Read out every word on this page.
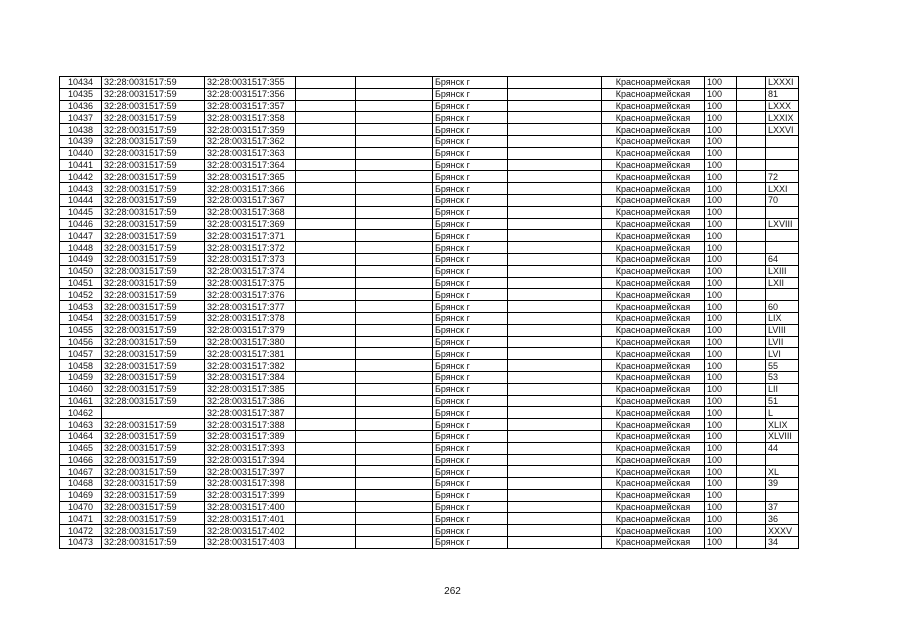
10434	32:28:0031517:59	32:28:0031517:355			Брянск г		Красноармейская	100		LXXXI
10435	32:28:0031517:59	32:28:0031517:356			Брянск г		Красноармейская	100		81
10436	32:28:0031517:59	32:28:0031517:357			Брянск г		Красноармейская	100		LXXX
10437	32:28:0031517:59	32:28:0031517:358			Брянск г		Красноармейская	100		LXXIX
10438	32:28:0031517:59	32:28:0031517:359			Брянск г		Красноармейская	100		LXXVI
10439	32:28:0031517:59	32:28:0031517:362			Брянск г		Красноармейская	100		
10440	32:28:0031517:59	32:28:0031517:363			Брянск г		Красноармейская	100		
10441	32:28:0031517:59	32:28:0031517:364			Брянск г		Красноармейская	100		
10442	32:28:0031517:59	32:28:0031517:365			Брянск г		Красноармейская	100		72
10443	32:28:0031517:59	32:28:0031517:366			Брянск г		Красноармейская	100		LXXI
10444	32:28:0031517:59	32:28:0031517:367			Брянск г		Красноармейская	100		70
10445	32:28:0031517:59	32:28:0031517:368			Брянск г		Красноармейская	100		
10446	32:28:0031517:59	32:28:0031517:369			Брянск г		Красноармейская	100		LXVIII
10447	32:28:0031517:59	32:28:0031517:371			Брянск г		Красноармейская	100		
10448	32:28:0031517:59	32:28:0031517:372			Брянск г		Красноармейская	100		
10449	32:28:0031517:59	32:28:0031517:373			Брянск г		Красноармейская	100		64
10450	32:28:0031517:59	32:28:0031517:374			Брянск г		Красноармейская	100		LXIII
10451	32:28:0031517:59	32:28:0031517:375			Брянск г		Красноармейская	100		LXII
10452	32:28:0031517:59	32:28:0031517:376			Брянск г		Красноармейская	100		
10453	32:28:0031517:59	32:28:0031517:377			Брянск г		Красноармейская	100		60
10454	32:28:0031517:59	32:28:0031517:378			Брянск г		Красноармейская	100		LIX
10455	32:28:0031517:59	32:28:0031517:379			Брянск г		Красноармейская	100		LVIII
10456	32:28:0031517:59	32:28:0031517:380			Брянск г		Красноармейская	100		LVII
10457	32:28:0031517:59	32:28:0031517:381			Брянск г		Красноармейская	100		LVI
10458	32:28:0031517:59	32:28:0031517:382			Брянск г		Красноармейская	100		55
10459	32:28:0031517:59	32:28:0031517:384			Брянск г		Красноармейская	100		53
10460	32:28:0031517:59	32:28:0031517:385			Брянск г		Красноармейская	100		LII
10461	32:28:0031517:59	32:28:0031517:386			Брянск г		Красноармейская	100		51
10462		32:28:0031517:387			Брянск г		Красноармейская	100		L
10463	32:28:0031517:59	32:28:0031517:388			Брянск г		Красноармейская	100		XLIX
10464	32:28:0031517:59	32:28:0031517:389			Брянск г		Красноармейская	100		XLVIII
10465	32:28:0031517:59	32:28:0031517:393			Брянск г		Красноармейская	100		44
10466	32:28:0031517:59	32:28:0031517:394			Брянск г		Красноармейская	100		
10467	32:28:0031517:59	32:28:0031517:397			Брянск г		Красноармейская	100		XL
10468	32:28:0031517:59	32:28:0031517:398			Брянск г		Красноармейская	100		39
10469	32:28:0031517:59	32:28:0031517:399			Брянск г		Красноармейская	100		
10470	32:28:0031517:59	32:28:0031517:400			Брянск г		Красноармейская	100		37
10471	32:28:0031517:59	32:28:0031517:401			Брянск г		Красноармейская	100		36
10472	32:28:0031517:59	32:28:0031517:402			Брянск г		Красноармейская	100		XXXV
10473	32:28:0031517:59	32:28:0031517:403			Брянск г		Красноармейская	100		34
262
